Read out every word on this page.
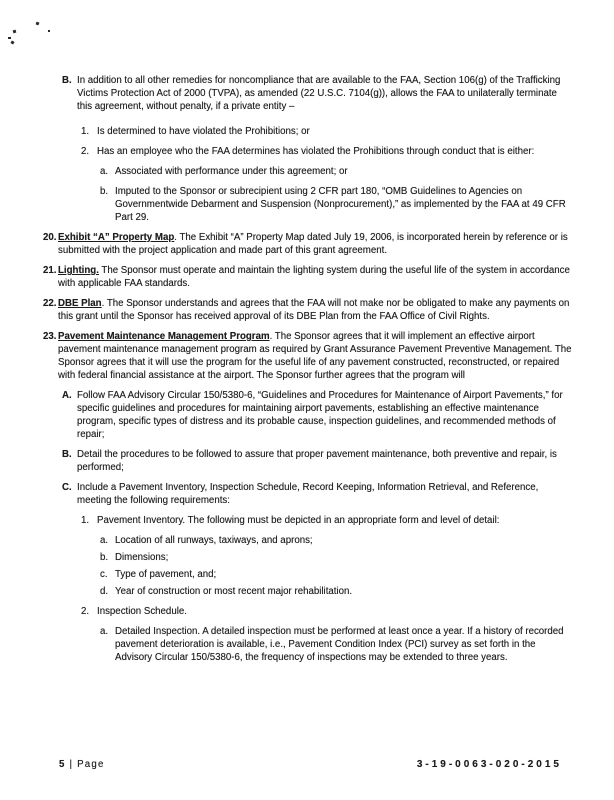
B. In addition to all other remedies for noncompliance that are available to the FAA, Section 106(g) of the Trafficking Victims Protection Act of 2000 (TVPA), as amended (22 U.S.C. 7104(g)), allows the FAA to unilaterally terminate this agreement, without penalty, if a private entity –
1. Is determined to have violated the Prohibitions; or
2. Has an employee who the FAA determines has violated the Prohibitions through conduct that is either:
a. Associated with performance under this agreement; or
b. Imputed to the Sponsor or subrecipient using 2 CFR part 180, “OMB Guidelines to Agencies on Governmentwide Debarment and Suspension (Nonprocurement),” as implemented by the FAA at 49 CFR Part 29.
20. Exhibit “A” Property Map. The Exhibit “A” Property Map dated July 19, 2006, is incorporated herein by reference or is submitted with the project application and made part of this grant agreement.
21. Lighting. The Sponsor must operate and maintain the lighting system during the useful life of the system in accordance with applicable FAA standards.
22. DBE Plan. The Sponsor understands and agrees that the FAA will not make nor be obligated to make any payments on this grant until the Sponsor has received approval of its DBE Plan from the FAA Office of Civil Rights.
23. Pavement Maintenance Management Program. The Sponsor agrees that it will implement an effective airport pavement maintenance management program as required by Grant Assurance Pavement Preventive Management. The Sponsor agrees that it will use the program for the useful life of any pavement constructed, reconstructed, or repaired with federal financial assistance at the airport. The Sponsor further agrees that the program will
A. Follow FAA Advisory Circular 150/5380-6, “Guidelines and Procedures for Maintenance of Airport Pavements,” for specific guidelines and procedures for maintaining airport pavements, establishing an effective maintenance program, specific types of distress and its probable cause, inspection guidelines, and recommended methods of repair;
B. Detail the procedures to be followed to assure that proper pavement maintenance, both preventive and repair, is performed;
C. Include a Pavement Inventory, Inspection Schedule, Record Keeping, Information Retrieval, and Reference, meeting the following requirements:
1. Pavement Inventory. The following must be depicted in an appropriate form and level of detail:
a. Location of all runways, taxiways, and aprons;
b. Dimensions;
c. Type of pavement, and;
d. Year of construction or most recent major rehabilitation.
2. Inspection Schedule.
a. Detailed Inspection. A detailed inspection must be performed at least once a year. If a history of recorded pavement deterioration is available, i.e., Pavement Condition Index (PCI) survey as set forth in the Advisory Circular 150/5380-6, the frequency of inspections may be extended to three years.
5 | Page	3-19-0063-020-2015
